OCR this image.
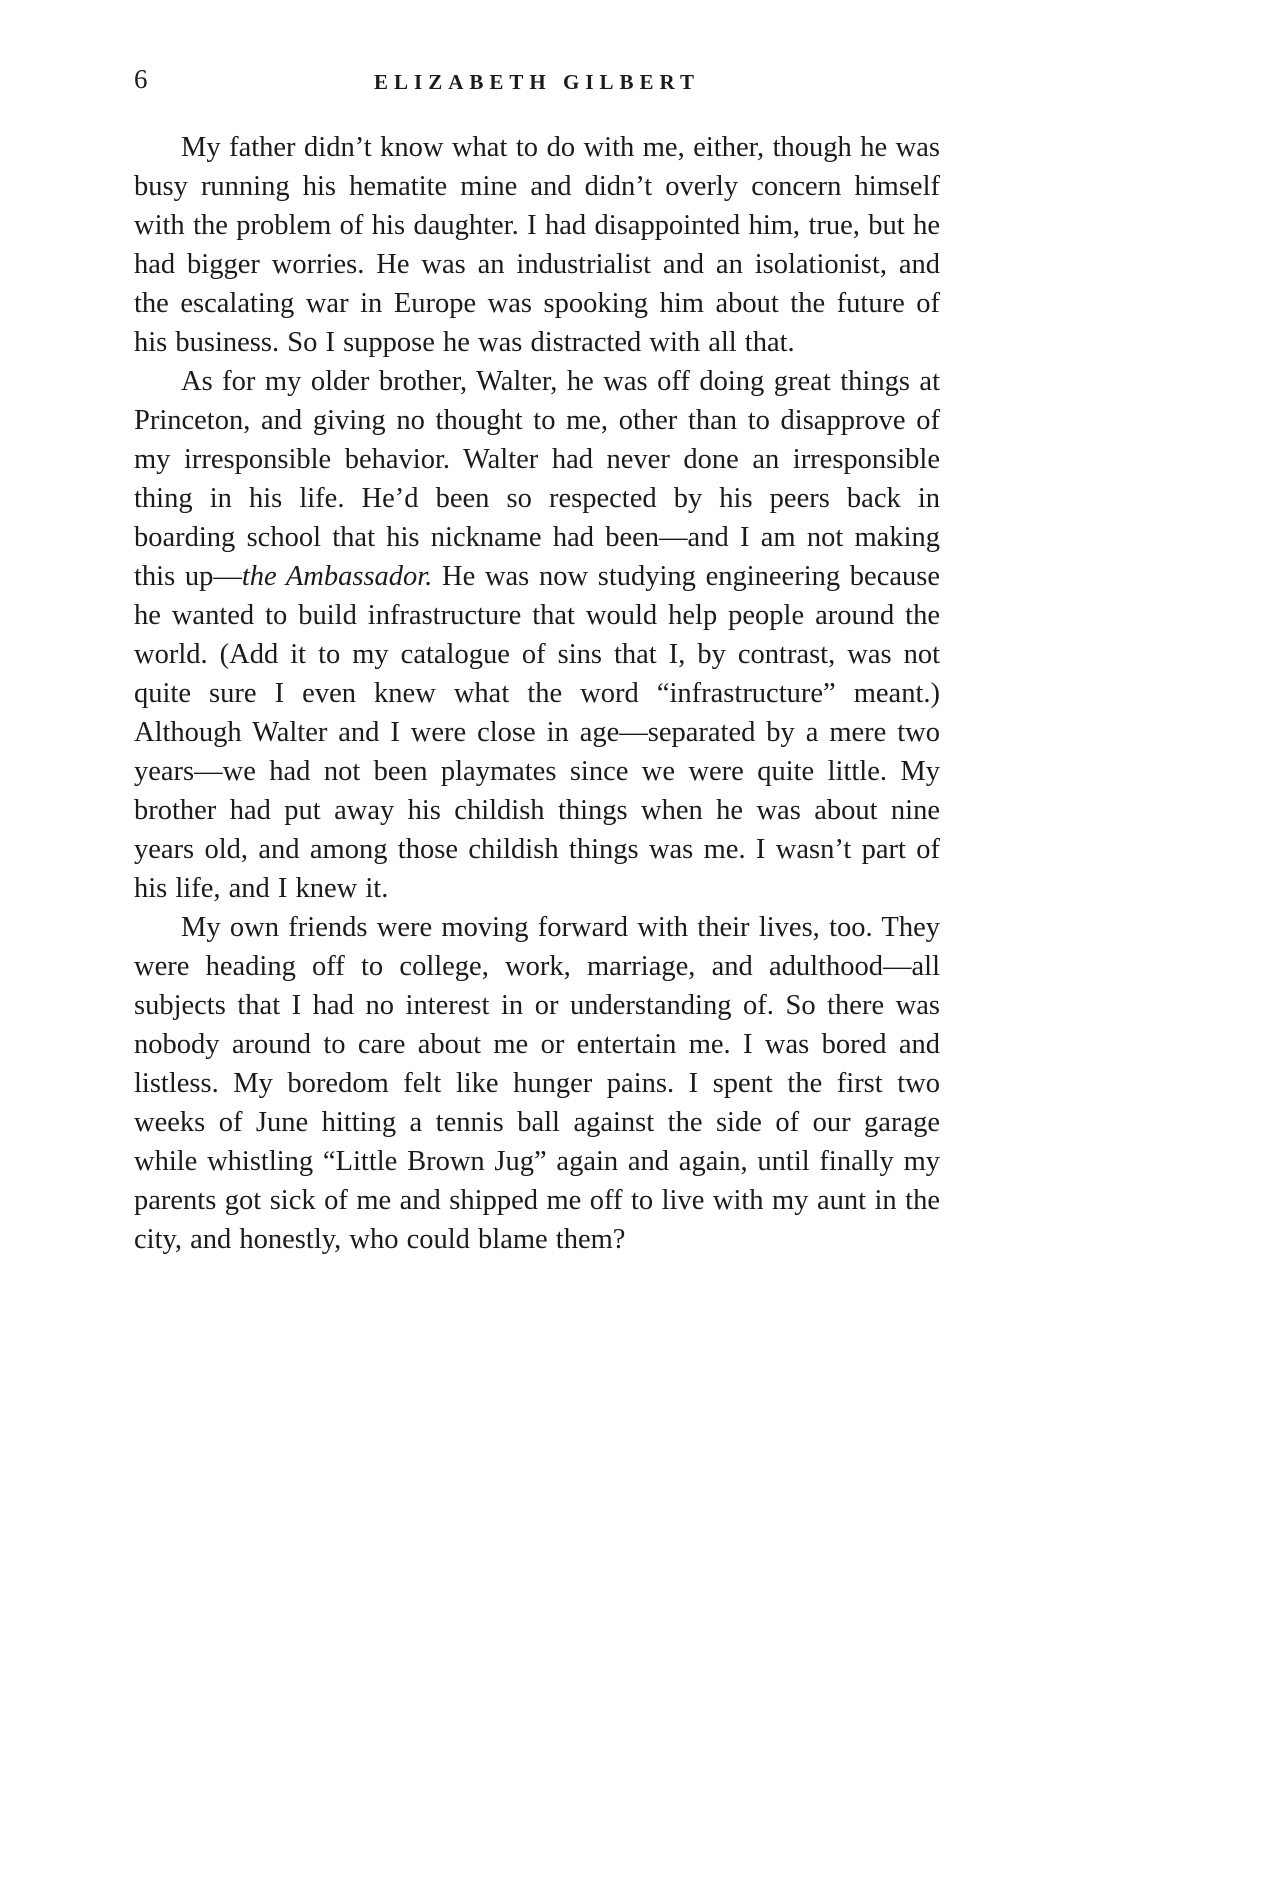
6	ELIZABETH GILBERT

My father didn’t know what to do with me, either, though he was busy running his hematite mine and didn’t overly concern himself with the problem of his daughter. I had disappointed him, true, but he had bigger worries. He was an industrialist and an isolationist, and the escalating war in Europe was spooking him about the future of his business. So I suppose he was distracted with all that.

As for my older brother, Walter, he was off doing great things at Princeton, and giving no thought to me, other than to disapprove of my irresponsible behavior. Walter had never done an irresponsible thing in his life. He’d been so respected by his peers back in boarding school that his nickname had been—and I am not making this up—the Ambassador. He was now studying engineering because he wanted to build infrastructure that would help people around the world. (Add it to my catalogue of sins that I, by contrast, was not quite sure I even knew what the word “infrastructure” meant.) Although Walter and I were close in age—separated by a mere two years—we had not been playmates since we were quite little. My brother had put away his childish things when he was about nine years old, and among those childish things was me. I wasn’t part of his life, and I knew it.

My own friends were moving forward with their lives, too. They were heading off to college, work, marriage, and adulthood—all subjects that I had no interest in or understanding of. So there was nobody around to care about me or entertain me. I was bored and listless. My boredom felt like hunger pains. I spent the first two weeks of June hitting a tennis ball against the side of our garage while whistling “Little Brown Jug” again and again, until finally my parents got sick of me and shipped me off to live with my aunt in the city, and honestly, who could blame them?
